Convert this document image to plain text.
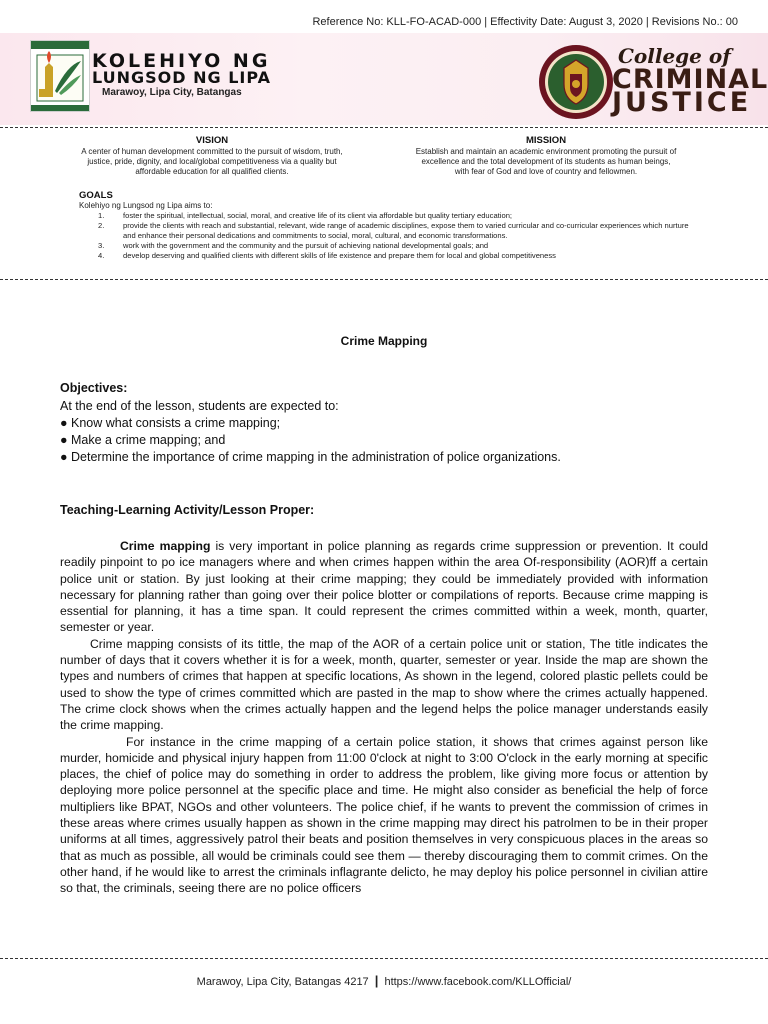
Reference No: KLL-FO-ACAD-000 | Effectivity Date: August 3, 2020 | Revisions No.: 00
KOLEHIYO NG
LUNGSOD NG LIPA
Marawoy, Lipa City, Batangas
College of
CRIMINAL
JUSTICE
VISION
A center of human development committed to the pursuit of wisdom, truth,
justice, pride, dignity, and local/global competitiveness via a quality but
affordable education for all qualified clients.
MISSION
Establish and maintain an academic environment promoting the pursuit of
excellence and the total development of its students as human beings,
with fear of God and love of country and fellowmen.
GOALS
Kolehiyo ng Lungsod ng Lipa aims to:
1. foster the spiritual, intellectual, social, moral, and creative life of its client via affordable but quality tertiary education;
2. provide the clients with reach and substantial, relevant, wide range of academic disciplines, expose them to varied curricular and co-curricular experiences which nurture and enhance their personal dedications and commitments to social, moral, cultural, and economic transformations.
3. work with the government and the community and the pursuit of achieving national developmental goals; and
4. develop deserving and qualified clients with different skills of life existence and prepare them for local and global competitiveness
Crime Mapping
Objectives:
At the end of the lesson, students are expected to:
● Know what consists a crime mapping;
● Make a crime mapping; and
● Determine the importance of crime mapping in the administration of police organizations.
Teaching-Learning Activity/Lesson Proper:

Crime mapping is very important in police planning as regards crime suppression or prevention. It could readily pinpoint to po ice managers where and when crimes happen within the area Of-responsibility (AOR)ff a certain police unit or station. By just looking at their crime mapping; they could be immediately provided with information necessary for planning rather than going over their police blotter or compilations of reports. Because crime mapping is essential for planning, it has a time span. It could represent the crimes committed within a week, month, quarter, semester or year.

Crime mapping consists of its tittle, the map of the AOR of a certain police unit or station, The title indicates the number of days that it covers whether it is for a week, month, quarter, semester or year. Inside the map are shown the types and numbers of crimes that happen at specific locations, As shown in the legend, colored plastic pellets could be used to show the type of crimes committed which are pasted in the map to show where the crimes actually happened. The crime clock shows when the crimes actually happen and the legend helps the police manager understands easily the crime mapping.

For instance in the crime mapping of a certain police station, it shows that crimes against person like murder, homicide and physical injury happen from 11:00 0'clock at night to 3:00 O'clock in the early morning at specific places, the chief of police may do something in order to address the problem, like giving more focus or attention by deploying more police personnel at the specific place and time. He might also consider as beneficial the help of force multipliers like BPAT, NGOs and other volunteers. The police chief, if he wants to prevent the commission of crimes in these areas where crimes usually happen as shown in the crime mapping may direct his patrolmen to be in their proper uniforms at all times, aggressively patrol their beats and position themselves in very conspicuous places in the areas so that as much as possible, all would be criminals could see them — thereby discouraging them to commit crimes. On the other hand, if he would like to arrest the criminals inflagrante delicto, he may deploy his police personnel in civilian attire so that, the criminals, seeing there are no police officers

Marawoy, Lipa City, Batangas 4217 | https://www.facebook.com/KLLOfficial/
